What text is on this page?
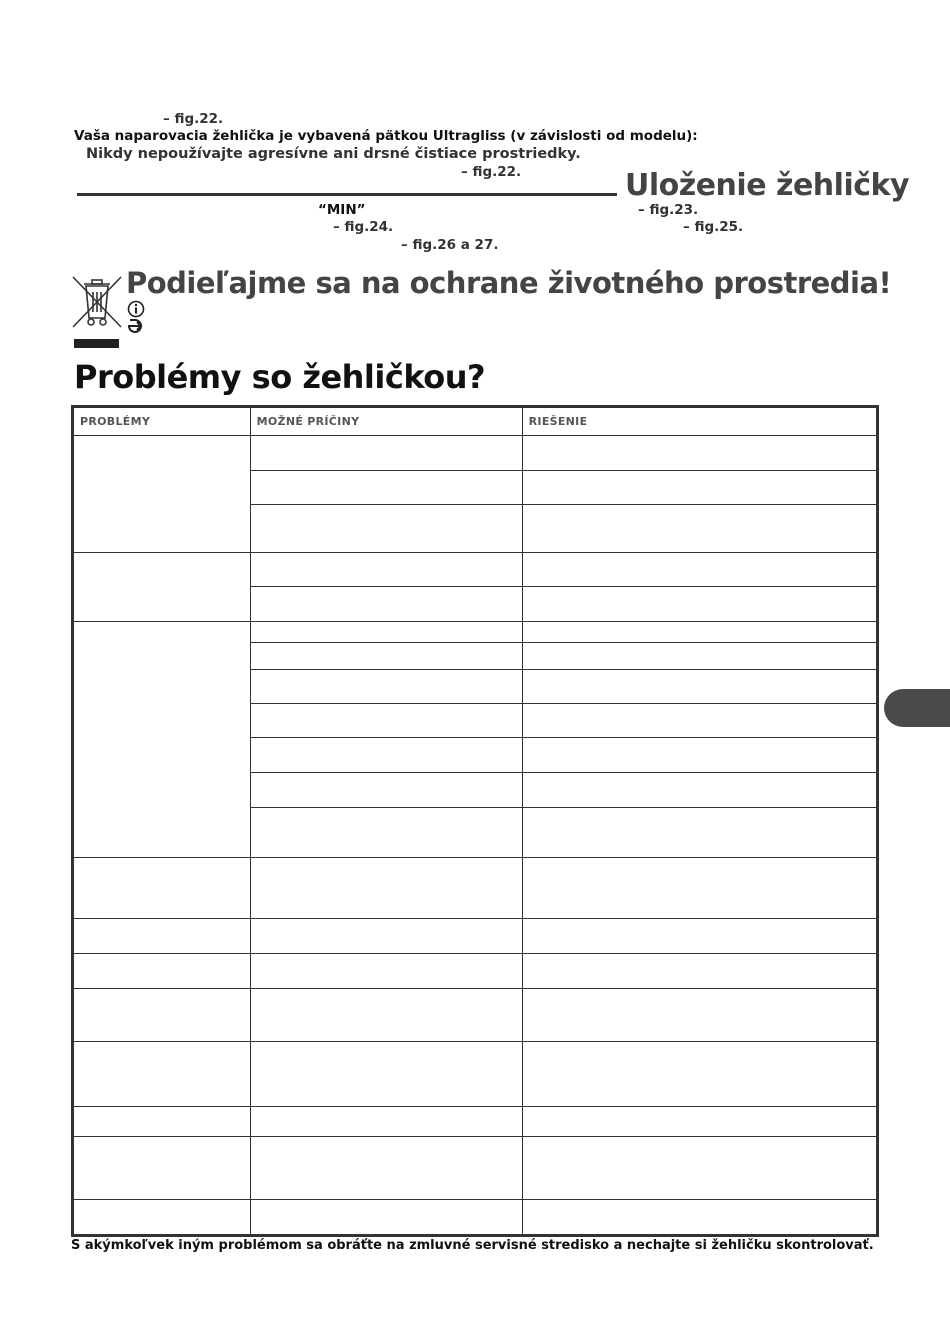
– fig.22.
Vaša naparovacia žehlička je vybavená pätkou Ultragliss (v závislosti od modelu):
Nikdy nepoužívajte agresívne ani drsné čistiace prostriedky.
– fig.22.	Uloženie žehličky
“MIN”
– fig.24.
– fig.26 a 27.
– fig.23.
– fig.25.
Podieľajme sa na ochrane životného prostredia!
Problémy so žehličkou?
PROBLÉMY	MOŽNÉ PRÍČINY	RIEŠENIE

S akýmkoľvek iným problémom sa obráťte na zmluvné servisné stredisko a nechajte si žehličku skontrolovať.
